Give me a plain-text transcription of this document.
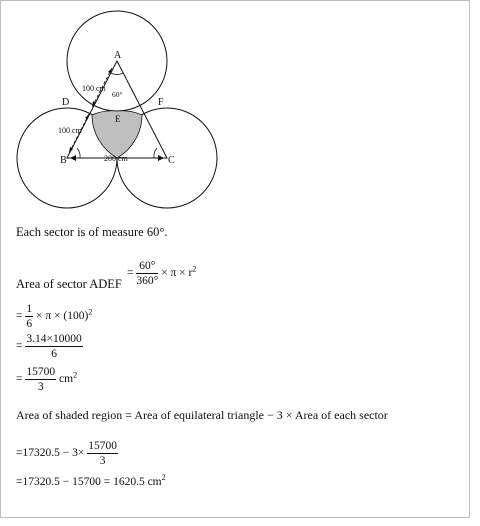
A
B	C
D
E
F
60°
100 cm
100 cm
200 cm
Each sector is of measure 60°.
Area of sector ADEF
= $\frac{60^\circ}{360^\circ} \times \pi \times r^2$
= $\frac{1}{6} \times \pi \times (100)^2$
= $\frac{3.14\times 10000}{6}$
= $\frac{15700}{3} cm^2$
Area of shaded region = Area of equilateral triangle − 3 × Area of each sector
$=17320.5 - 3\times \frac{15700}{3}$
=17320.5 − 15700 = 1620.5 $cm^2$
